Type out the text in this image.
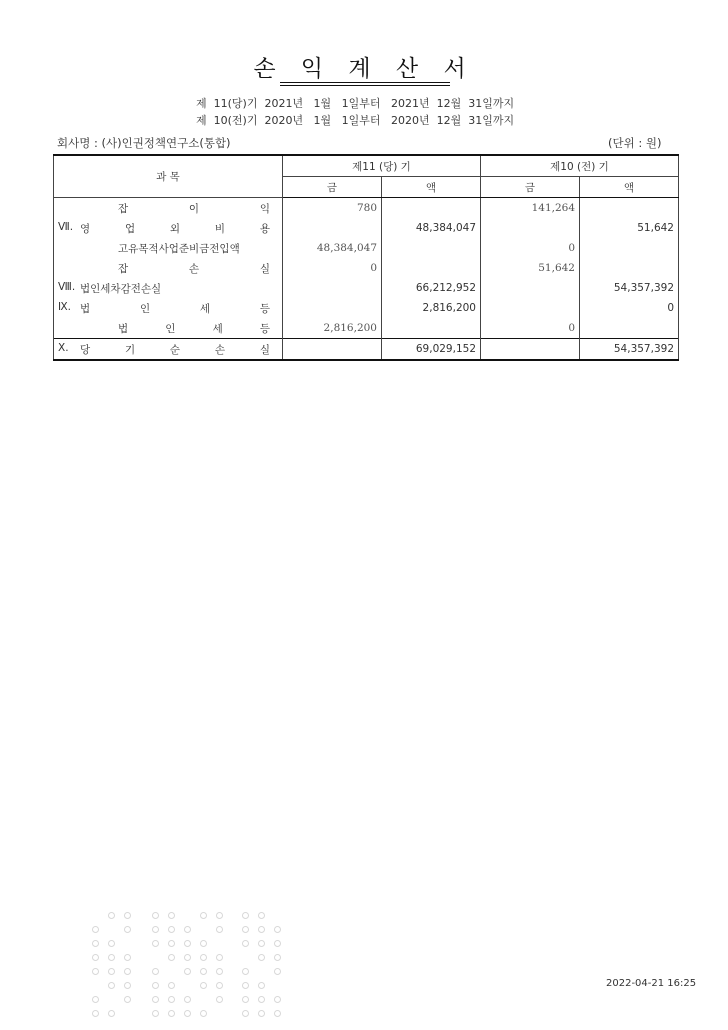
손 익 계 산 서
제  11(당)기  2021년   1월   1일부터   2021년  12월  31일까지
제  10(전)기  2020년   1월   1일부터   2020년  12월  31일까지
회사명 : (사)인권정책연구소(통합)	(단위 : 원)
과 목	제11 (당) 기		제10 (전) 기	
	금	액	금	액

잡 이 익	780		141,264	

Ⅶ. 영 업 외 비 용		48,384,047		51,642

고유목적사업준비금전입액	48,384,047		0	

잡 손 실	0		51,642	

Ⅷ. 법인세차감전손실		66,212,952		54,357,392

Ⅸ. 법 인 세 등		2,816,200		0

법 인 세 등	2,816,200		0	

Ⅹ. 당 기 순 손 실		69,029,152		54,357,392
2022-04-21 16:25
